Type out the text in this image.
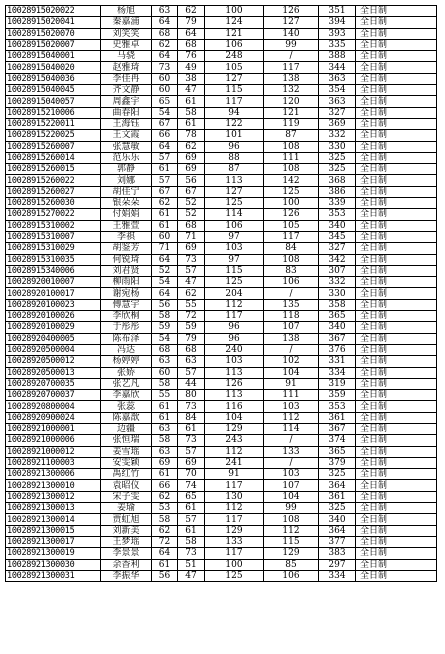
10028915020022	杨旭	63	62	100	126	351	全日制
10028915020041	秦嘉浦	64	79	124	127	394	全日制
10028915020070	刘笑笑	68	64	121	140	393	全日制
10028915020007	史雅卓	62	68	106	99	335	全日制
10028915040001	马骁	64	76	248	/	388	全日制
10028915040020	赵雅琦	73	49	105	117	344	全日制
10028915040036	李佳冉	60	38	127	138	363	全日制
10028915040045	齐文静	60	47	115	132	354	全日制
10028915040057	周鑫宇	65	61	117	120	363	全日制
10028915210006	曲春阳	54	58	94	121	327	全日制
10028915220011	王海钰	67	61	122	119	369	全日制
10028915220025	王文霞	66	78	101	87	332	全日制
10028915260007	张慧敏	64	62	96	108	330	全日制
10028915260014	范乐乐	57	69	88	111	325	全日制
10028915260015	郭静	61	69	87	108	325	全日制
10028915260022	刘娜	57	56	113	142	368	全日制
10028915260027	胡佳宁	67	67	127	125	386	全日制
10028915260030	银朵朵	62	52	125	100	339	全日制
10028915270022	付娟娟	61	52	114	126	353	全日制
10028915310002	王雅萱	61	68	106	105	340	全日制
10028915310007	李祺	60	71	97	117	345	全日制
10028915310029	胡鉴芳	71	69	103	84	327	全日制
10028915310035	何锐琦	64	73	97	108	342	全日制
10028915340006	刘君贤	52	57	115	83	307	全日制
10028920010007	柳雨阳	54	47	125	106	332	全日制
10028920100017	谢宛杨	64	62	204	/	330	全日制
10028920100023	傅慧宇	56	55	112	135	358	全日制
10028920100026	李欣桐	58	72	117	118	365	全日制
10028920100029	于彤彤	59	59	96	107	340	全日制
10028920400005	陈布泽	54	79	96	138	367	全日制
10028920500004	冯达	68	68	240	/	376	全日制
10028920500012	杨婷婷	63	63	103	102	331	全日制
10028920500013	张娇	60	57	113	104	334	全日制
10028920700035	张艺凡	58	44	126	91	319	全日制
10028920700037	李嘉欣	55	80	113	111	359	全日制
10028920800004	张蕊	61	73	116	103	353	全日制
10028920900024	陈嘉歆	61	84	104	112	361	全日制
10028921000001	边疆	63	61	129	114	367	全日制
10028921000006	张恒瑞	58	73	243	/	374	全日制
10028921000012	姜雪瑶	63	57	112	133	365	全日制
10028921100003	安雯颖	69	69	241	/	379	全日制
10028921300006	禹红竹	61	70	91	103	325	全日制
10028921300010	袁昭仪	66	74	117	107	364	全日制
10028921300012	宋子雯	62	65	130	104	361	全日制
10028921300013	姜瑜	53	61	112	99	325	全日制
10028921300014	贾虹旭	58	57	117	108	340	全日制
10028921300015	刘新美	62	61	129	112	364	全日制
10028921300017	王梦瑶	72	58	133	115	377	全日制
10028921300019	李景景	64	73	117	129	383	全日制
10028921300030	余香利	61	51	100	85	297	全日制
10028921300031	李振华	56	47	125	106	334	全日制
